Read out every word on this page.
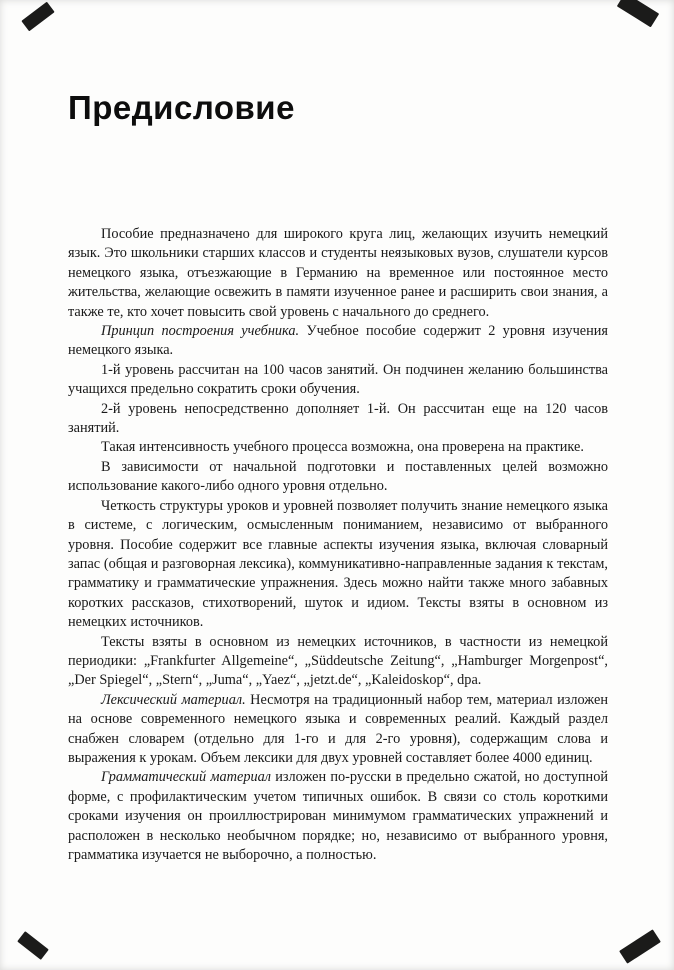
Предисловие

Пособие предназначено для широкого круга лиц, желающих изучить немецкий язык. Это школьники старших классов и студенты неязыковых вузов, слушатели курсов немецкого языка, отъезжающие в Германию на временное или постоянное место жительства, желающие освежить в памяти изученное ранее и расширить свои знания, а также те, кто хочет повысить свой уровень с начального до среднего.

Принцип построения учебника. Учебное пособие содержит 2 уровня изучения немецкого языка.

1-й уровень рассчитан на 100 часов занятий. Он подчинен желанию большинства учащихся предельно сократить сроки обучения.

2-й уровень непосредственно дополняет 1-й. Он рассчитан еще на 120 часов занятий.

Такая интенсивность учебного процесса возможна, она проверена на практике.

В зависимости от начальной подготовки и поставленных целей возможно использование какого-либо одного уровня отдельно.

Четкость структуры уроков и уровней позволяет получить знание немецкого языка в системе, с логическим, осмысленным пониманием, независимо от выбранного уровня. Пособие содержит все главные аспекты изучения языка, включая словарный запас (общая и разговорная лексика), коммуникативно-направленные задания к текстам, грамматику и грамматические упражнения. Здесь можно найти также много забавных коротких рассказов, стихотворений, шуток и идиом. Тексты взяты в основном из немецких источников.

Тексты взяты в основном из немецких источников, в частности из немецкой периодики: „Frankfurter Allgemeine“, „Süddeutsche Zeitung“, „Hamburger Morgenpost“, „Der Spiegel“, „Stern“, „Juma“, „Yaez“, „jetzt.de“, „Kaleidoskop“, dpa.

Лексический материал. Несмотря на традиционный набор тем, материал изложен на основе современного немецкого языка и современных реалий. Каждый раздел снабжен словарем (отдельно для 1-го и для 2-го уровня), содержащим слова и выражения к урокам. Объем лексики для двух уровней составляет более 4000 единиц.

Грамматический материал изложен по-русски в предельно сжатой, но доступной форме, с профилактическим учетом типичных ошибок. В связи со столь короткими сроками изучения он проиллюстрирован минимумом грамматических упражнений и расположен в несколько необычном порядке; но, независимо от выбранного уровня, грамматика изучается не выборочно, а полностью.
